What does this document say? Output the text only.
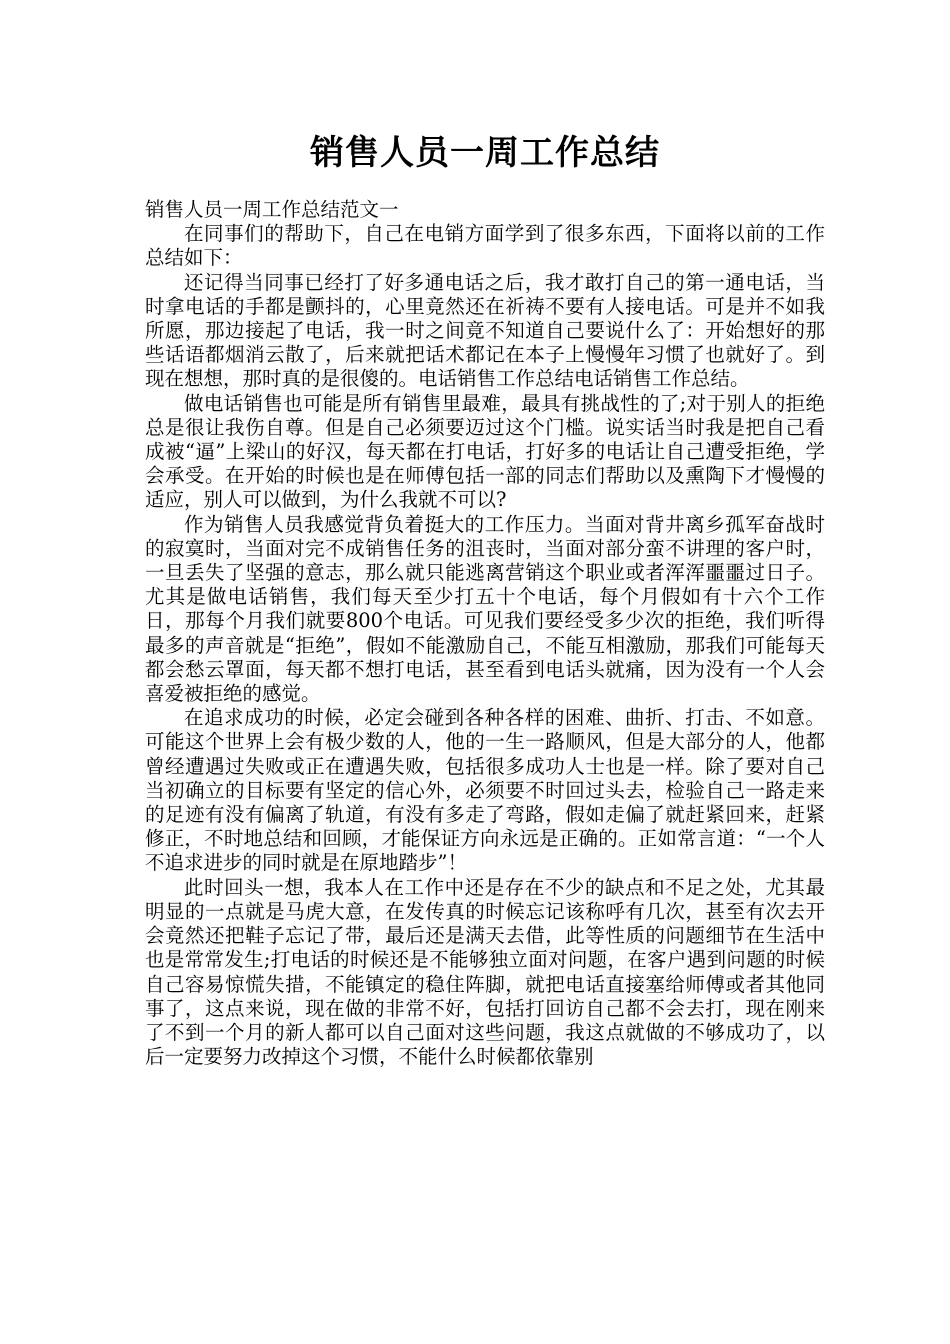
销售人员一周工作总结

销售人员一周工作总结范文一

在同事们的帮助下，自己在电销方面学到了很多东西，下面将以前的工作总结如下：

还记得当同事已经打了好多通电话之后，我才敢打自己的第一通电话，当时拿电话的手都是颤抖的，心里竟然还在祈祷不要有人接电话。可是并不如我所愿，那边接起了电话，我一时之间竟不知道自己要说什么了：开始想好的那些话语都烟消云散了，后来就把话术都记在本子上慢慢年习惯了也就好了。到现在想想，那时真的是很傻的。电话销售工作总结电话销售工作总结。

做电话销售也可能是所有销售里最难，最具有挑战性的了;对于别人的拒绝总是很让我伤自尊。但是自己必须要迈过这个门槛。说实话当时我是把自己看成被“逼”上梁山的好汉，每天都在打电话，打好多的电话让自己遭受拒绝，学会承受。在开始的时候也是在师傅包括一部的同志们帮助以及熏陶下才慢慢的适应，别人可以做到，为什么我就不可以?

作为销售人员我感觉背负着挺大的工作压力。当面对背井离乡孤军奋战时的寂寞时，当面对完不成销售任务的沮丧时，当面对部分蛮不讲理的客户时，一旦丢失了坚强的意志，那么就只能逃离营销这个职业或者浑浑噩噩过日子。尤其是做电话销售，我们每天至少打五十个电话，每个月假如有十六个工作日，那每个月我们就要800个电话。可见我们要经受多少次的拒绝，我们听得最多的声音就是“拒绝”，假如不能激励自己，不能互相激励，那我们可能每天都会愁云罩面，每天都不想打电话，甚至看到电话头就痛，因为没有一个人会喜爱被拒绝的感觉。

在追求成功的时候，必定会碰到各种各样的困难、曲折、打击、不如意。可能这个世界上会有极少数的人，他的一生一路顺风，但是大部分的人，他都曾经遭遇过失败或正在遭遇失败，包括很多成功人士也是一样。除了要对自己当初确立的目标要有坚定的信心外，必须要不时回过头去，检验自己一路走来的足迹有没有偏离了轨道，有没有多走了弯路，假如走偏了就赶紧回来，赶紧修正，不时地总结和回顾，才能保证方向永远是正确的。正如常言道：“一个人不追求进步的同时就是在原地踏步”！

此时回头一想，我本人在工作中还是存在不少的缺点和不足之处，尤其最明显的一点就是马虎大意，在发传真的时候忘记该称呼有几次，甚至有次去开会竟然还把鞋子忘记了带，最后还是满天去借，此等性质的问题细节在生活中也是常常发生;打电话的时候还是不能够独立面对问题，在客户遇到问题的时候自己容易惊慌失措，不能镇定的稳住阵脚，就把电话直接塞给师傅或者其他同事了，这点来说，现在做的非常不好，包括打回访自己都不会去打，现在刚来了不到一个月的新人都可以自己面对这些问题，我这点就做的不够成功了，以后一定要努力改掉这个习惯，不能什么时候都依靠别
